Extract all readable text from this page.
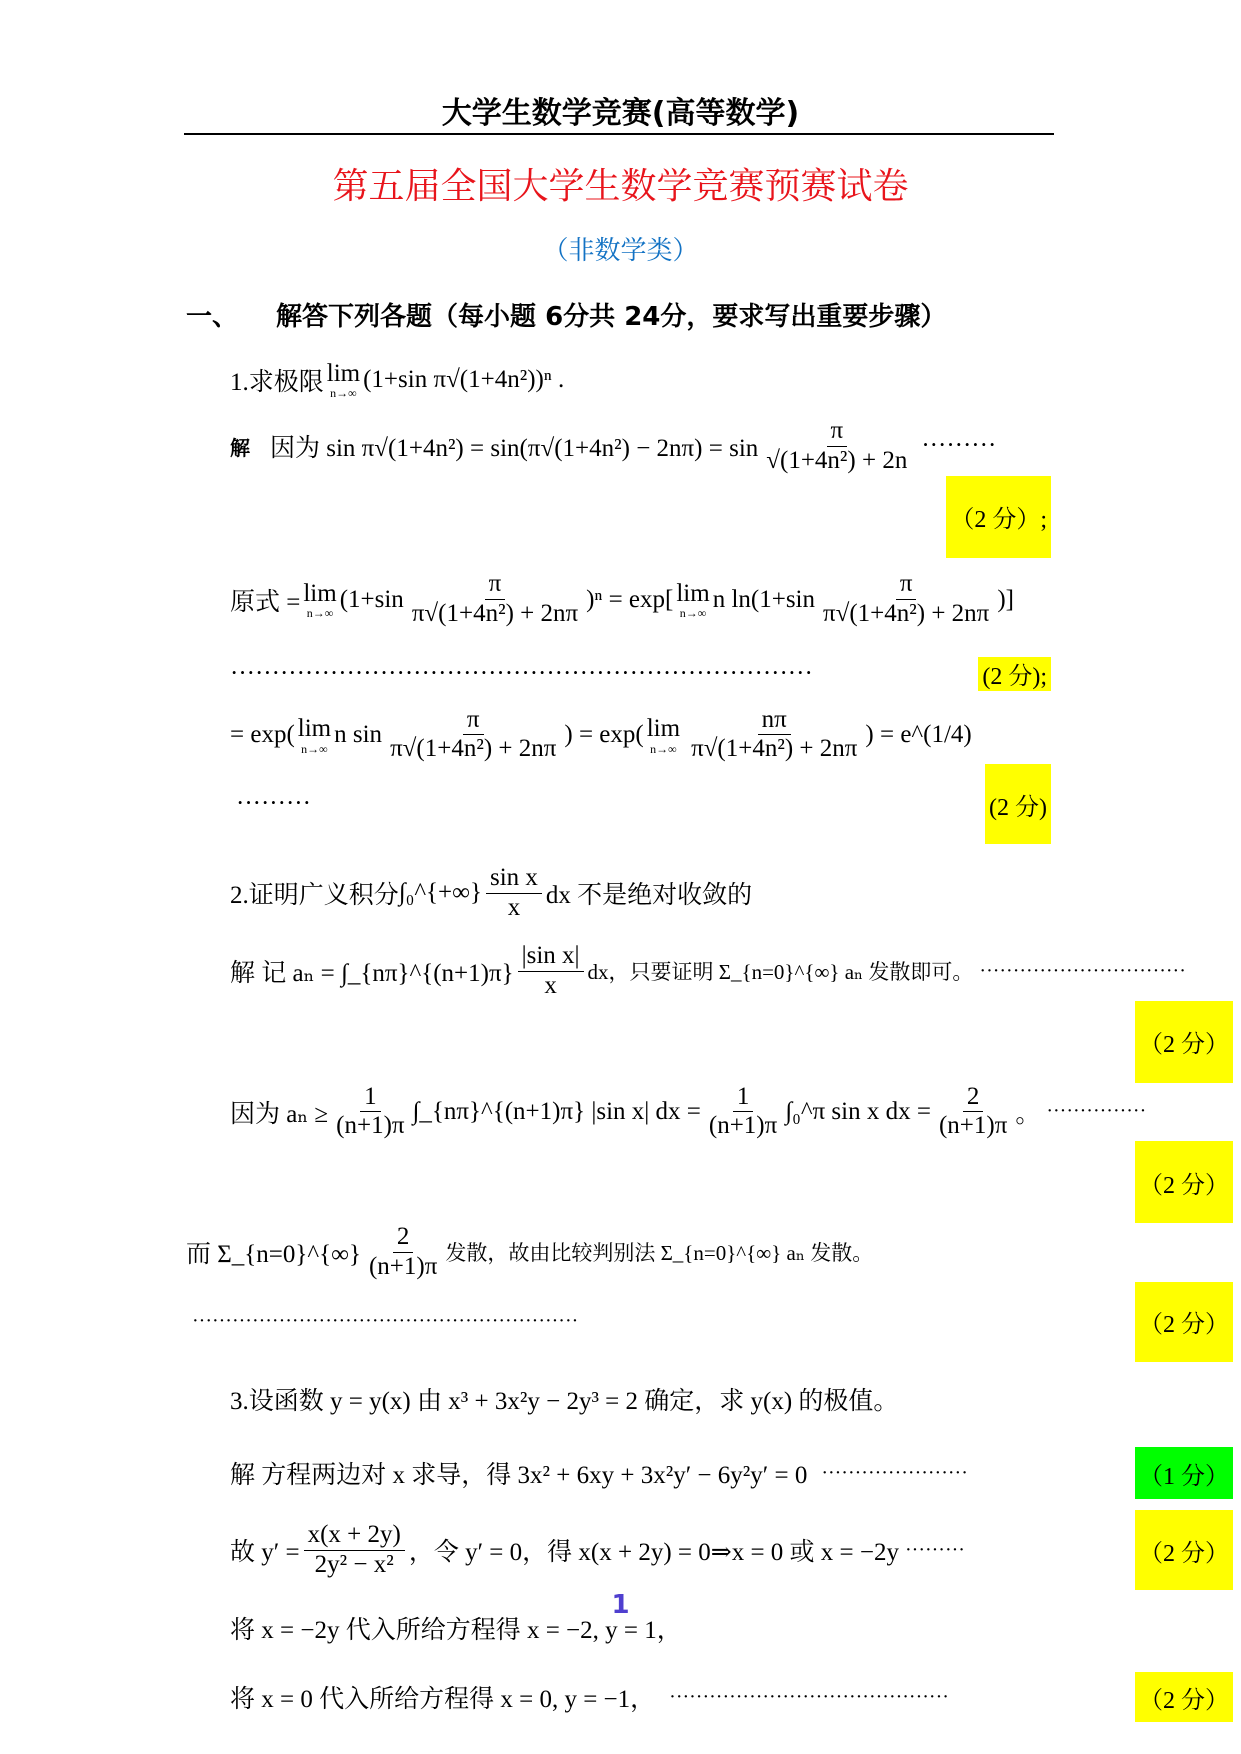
大学生数学竞赛(高等数学)
第五届全国大学生数学竞赛预赛试卷
（非数学类）
一、 解答下列各题（每小题 6分共 24分，要求写出重要步骤）
1.求极限 lim
n→∞
(1+sin π√(1+4n²))ⁿ .
解 因为 $\sin \pi√(1+4n^2) = \sin(\pi√(1+4n^2) - 2n\pi) = \sin \frac{\pi}{\text{√(1+4n²) + 2n}}$ ·········
（2 分）;
原式 = lim
n→∞
$(1+\sin \frac{\pi}{\text{π√(1+4n²) + 2nπ}} )^n = \exp$[ lim
n→∞
n $\ln(1+\sin \frac{\pi}{\text{π√(1+4n²) + 2nπ}}$ )]
······································································	(2 分);
= exp( lim
n→∞
n $\sin \frac{\pi}{\text{π√(1+4n²) + 2nπ}}$ ) = exp( lim
$n\to\infty \frac{n\pi}{\text{π√(1+4n²) + 2nπ}}$ ) = e^(1/4)
·········	(2 分)
2.证明广义积分 ∫₀^{+∞} $\frac{\text{sin x}}{x}$ dx 不是绝对收敛的
解 记 aₙ = ∫_{nπ}^{(n+1)π} $\frac{\text{|sin x|}}{x}$ dx，只要证明 Σ_{n=0}^{∞} aₙ 发散即可。 ·······························
（2 分）
因为 $a_n \ge \frac{1}{(n+1)\pi}$ ∫_{nπ}^{(n+1)π} |sin x| dx = $\frac{1}{(n+1)\pi}$ ∫₀^π sin x dx = $\frac{2}{(n+1)\pi}$ 。 ···············
（2 分）
而 Σ_{n=0}^{∞} $\frac{2}{(n+1)\pi}$ 发散，故由比较判别法 Σ_{n=0}^{∞} aₙ 发散。
··························································	（2 分）
3.设函数 y = y(x) 由 x³ + 3x²y − 2y³ = 2 确定，求 y(x) 的极值。
解 方程两边对 x 求导，得 3x² + 6xy + 3x²y′ − 6y²y′ = 0 ······················	（1 分）
故 $y' = \frac{x(x + 2y)}{\text{2y² − x²}}$ ，令 y′ = 0，得 x(x + 2y) = 0⇒x = 0 或 x = −2y ·········	（2 分）
将 x = −2y 代入所给方程得 x = −2, y = 1，
将 x = 0 代入所给方程得 x = 0, y = −1， ··········································	（2 分）
1
